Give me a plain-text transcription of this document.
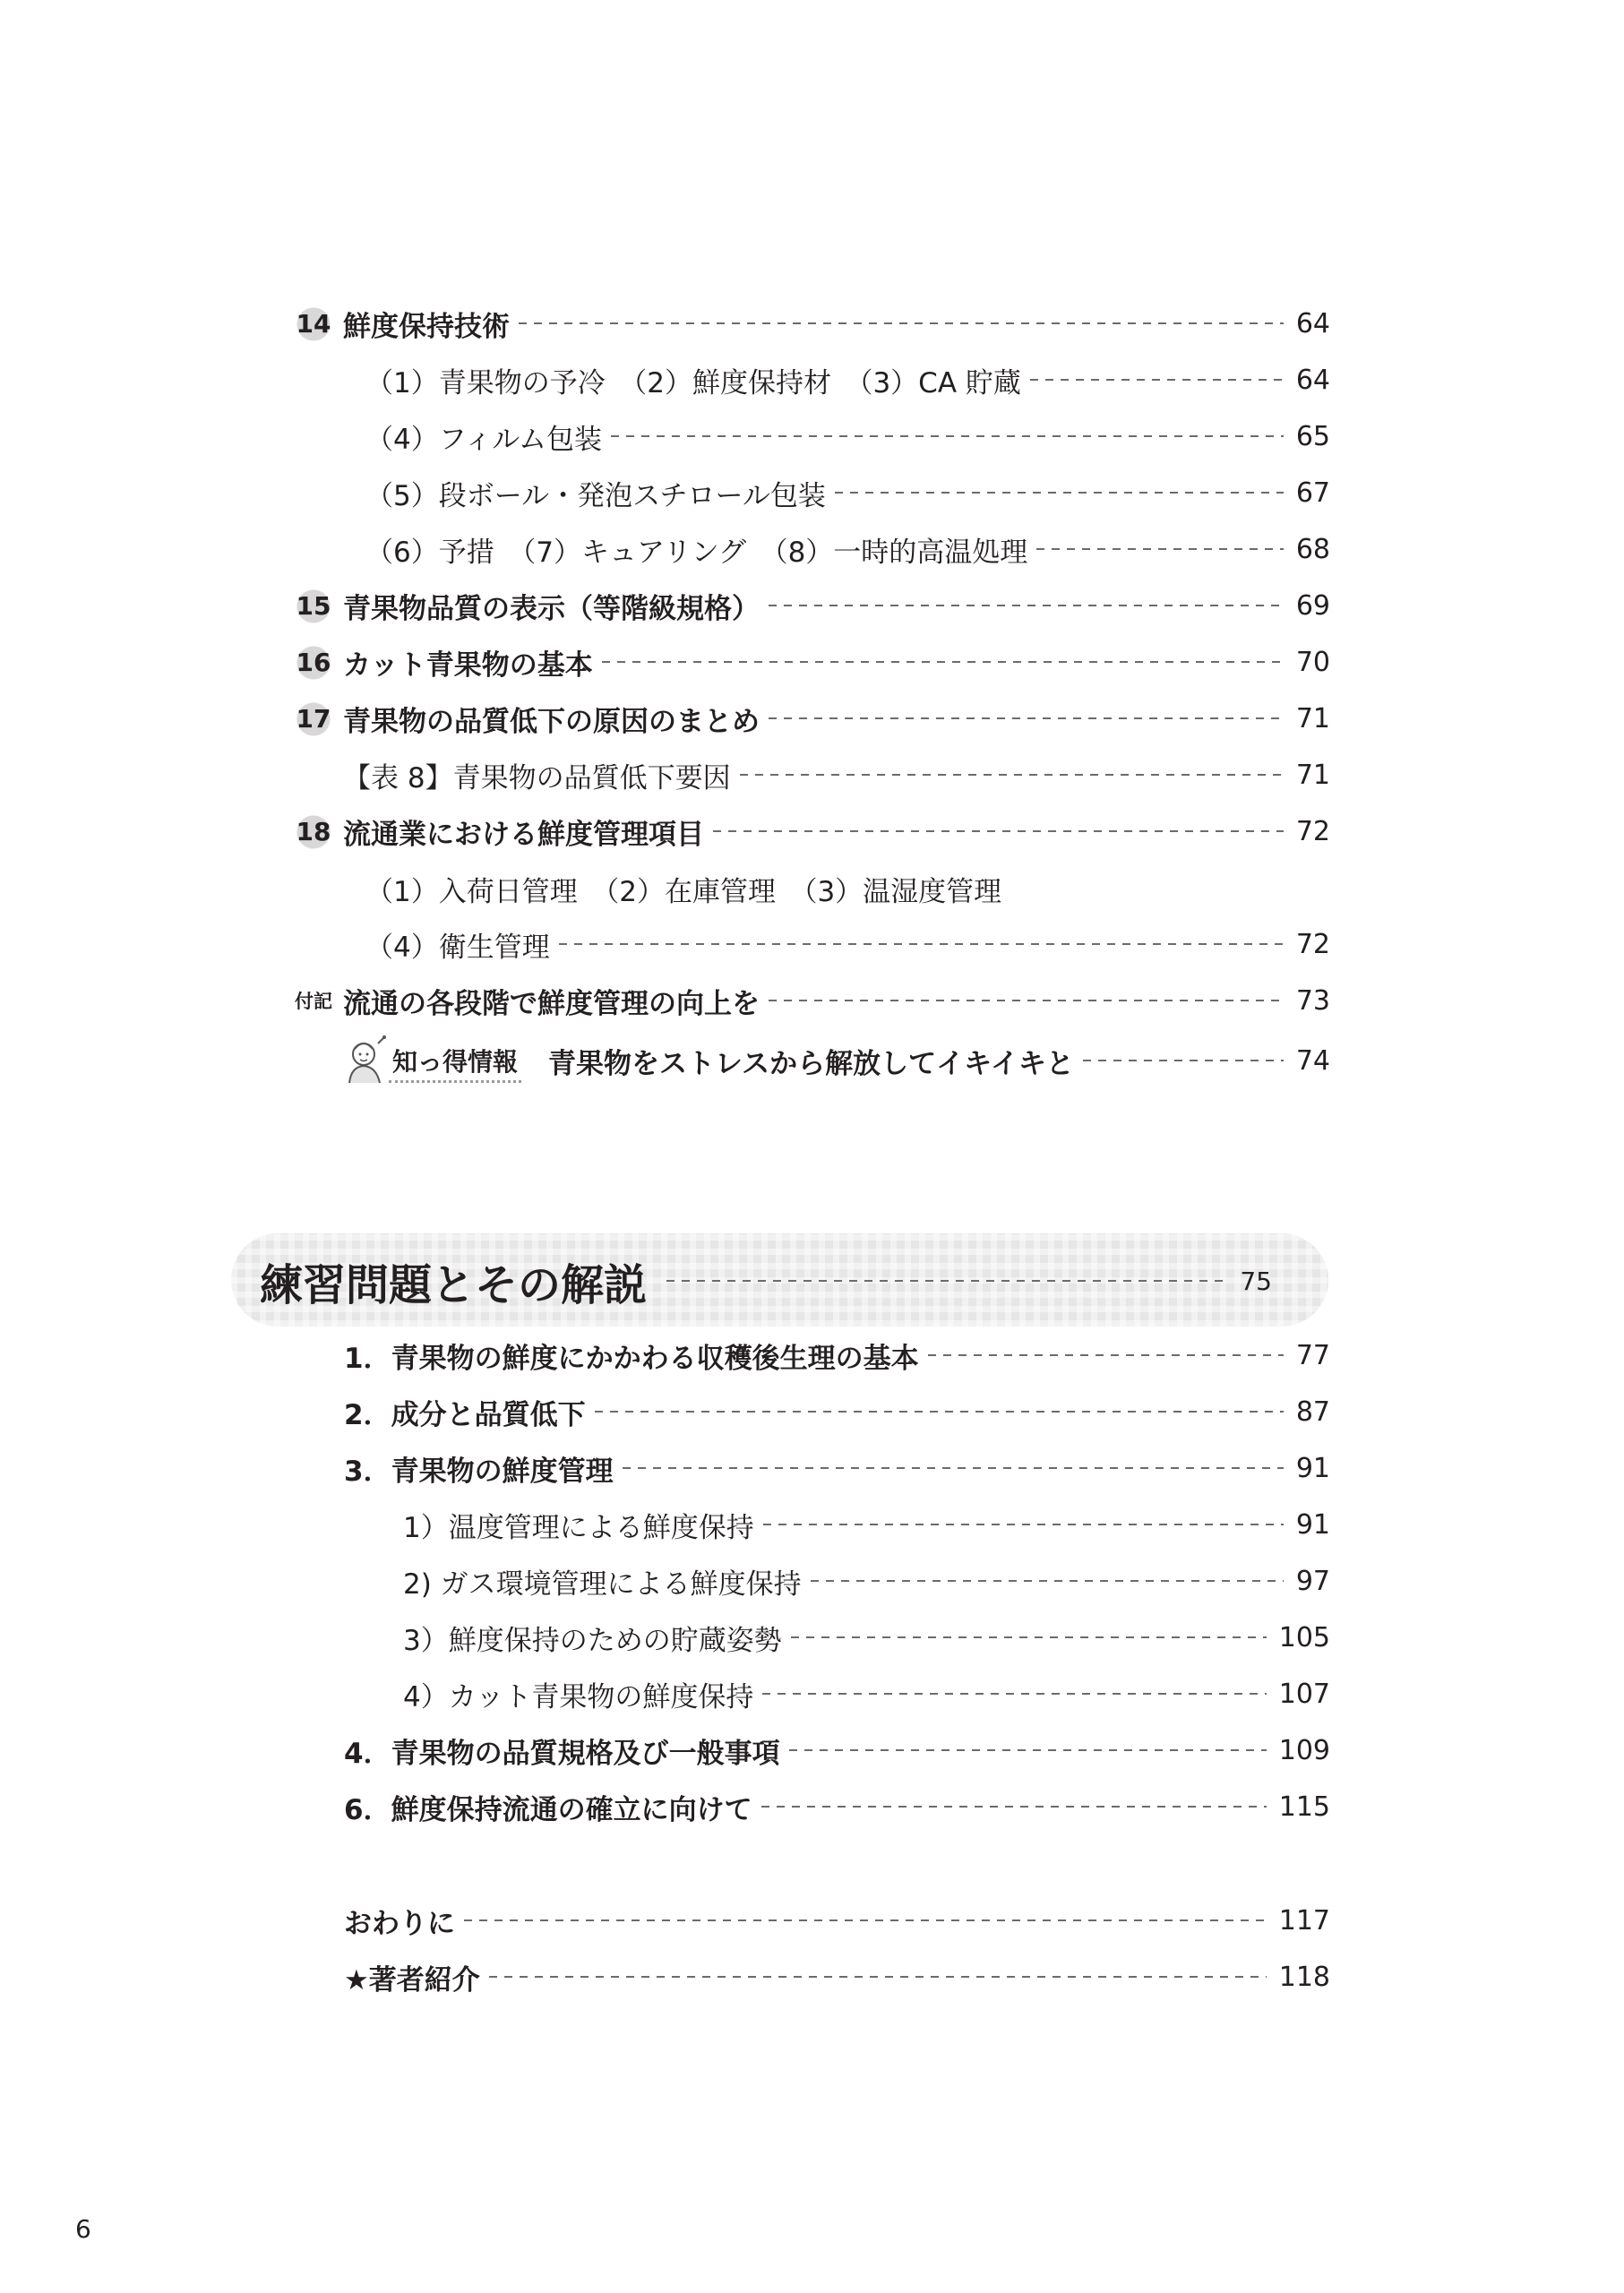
14 鮮度保持技術	64
（1）青果物の予冷　（2）鮮度保持材　（3）CA 貯蔵	64
（4）フィルム包装	65
（5）段ボール・発泡スチロール包装	67
（6）予措　（7）キュアリング　（8）一時的高温処理	68
15 青果物品質の表示（等階級規格）	69
16 カット青果物の基本	70
17 青果物の品質低下の原因のまとめ	71
【表 8】青果物の品質低下要因	71
18 流通業における鮮度管理項目	72
（1）入荷日管理　（2）在庫管理　（3）温湿度管理
（4）衛生管理	72
付記 流通の各段階で鮮度管理の向上を	73
知っ得情報 青果物をストレスから解放してイキイキと	74
練習問題とその解説	75
1．青果物の鮮度にかかわる収穫後生理の基本	77
2．成分と品質低下	87
3．青果物の鮮度管理	91
1）温度管理による鮮度保持	91
2) ガス環境管理による鮮度保持	97
3）鮮度保持のための貯蔵姿勢	105
4）カット青果物の鮮度保持	107
4．青果物の品質規格及び一般事項	109
6．鮮度保持流通の確立に向けて	115
おわりに	117
★著者紹介	118
6
